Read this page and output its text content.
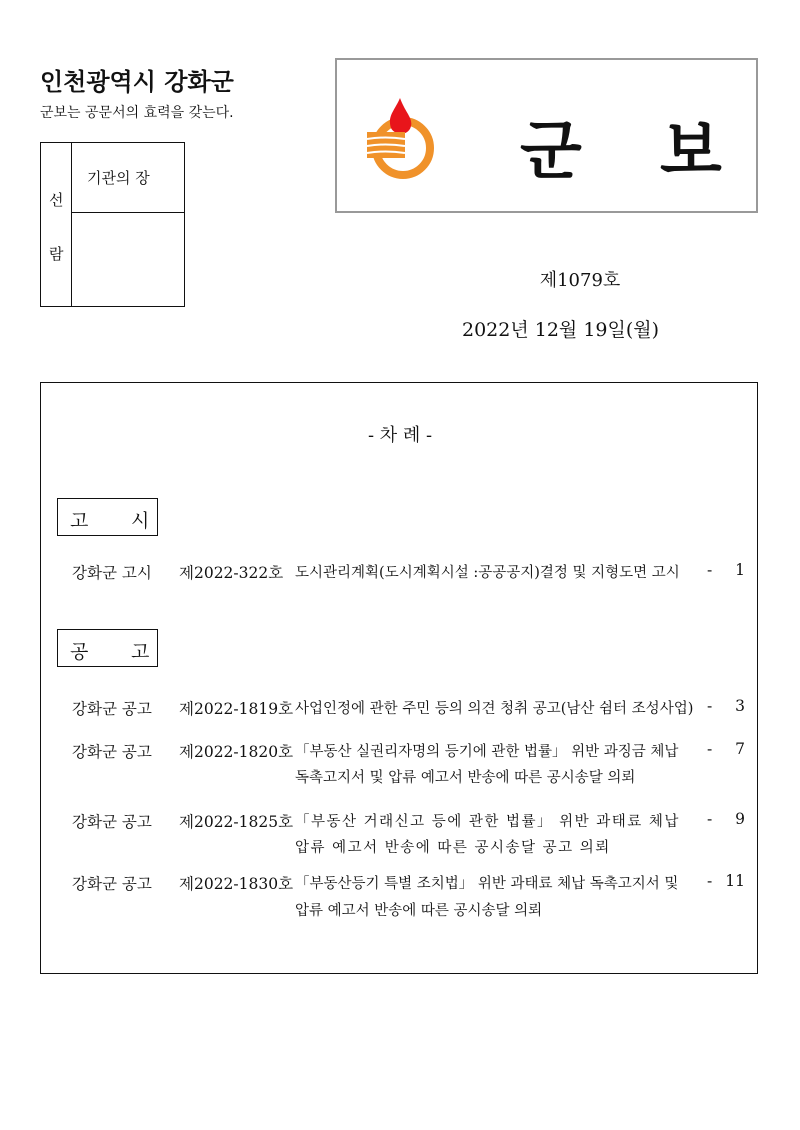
인천광역시 강화군
군보는 공문서의 효력을 갖는다.
선
람
기관의 장	군 보
제1079호
2022년 12월 19일(월)
- 차 례 -
고 시
강화군 고시 제2022-322호 도시관리계획(도시계획시설 :공공공지)결정 및 지형도면 고시 - 1
공 고
강화군 공고 제2022-1819호 사업인정에 관한 주민 등의 의견 청취 공고(남산 쉼터 조성사업) - 3
강화군 공고 제2022-1820호 「부동산 실권리자명의 등기에 관한 법률」 위반 과징금 체납
독촉고지서 및 압류 예고서 반송에 따른 공시송달 의뢰
- 7
강화군 공고 제2022-1825호 「부동산 거래신고 등에 관한 법률」 위반 과태료 체납
압류 예고서 반송에 따른 공시송달 공고 의뢰
- 9
강화군 공고 제2022-1830호 「부동산등기 특별 조치법」 위반 과태료 체납 독촉고지서 및
압류 예고서 반송에 따른 공시송달 의뢰
- 11
